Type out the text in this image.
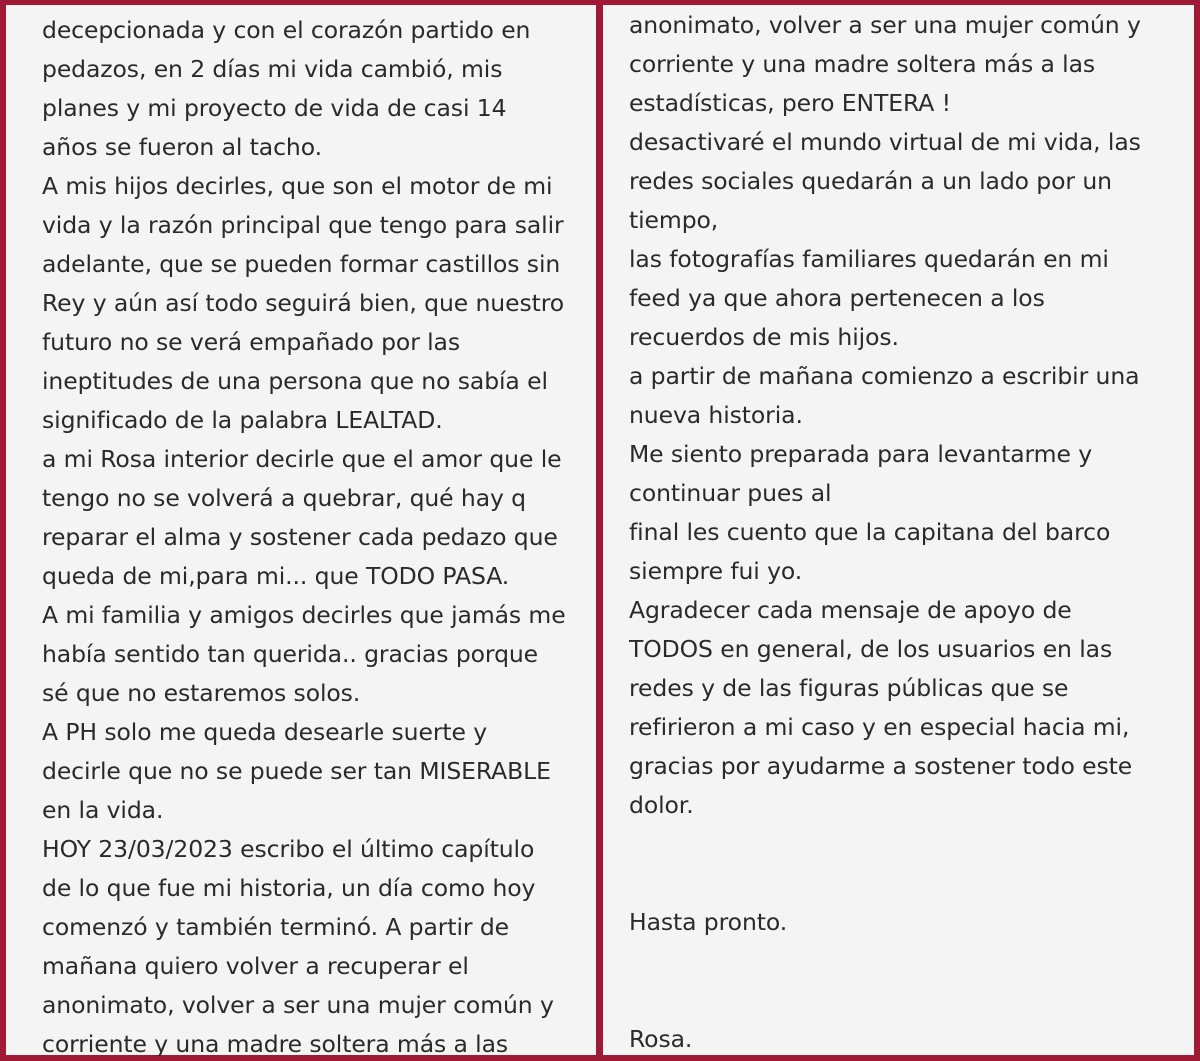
decepcionada y con el corazón partido en
pedazos, en 2 días mi vida cambió, mis
planes y mi proyecto de vida de casi 14
años se fueron al tacho.
A mis hijos decirles, que son el motor de mi
vida y la razón principal que tengo para salir
adelante, que se pueden formar castillos sin
Rey y aún así todo seguirá bien, que nuestro
futuro no se verá empañado por las
ineptitudes de una persona que no sabía el
significado de la palabra LEALTAD.
a mi Rosa interior decirle que el amor que le
tengo no se volverá a quebrar, qué hay q
reparar el alma y sostener cada pedazo que
queda de mi,para mi... que TODO PASA.
A mi familia y amigos decirles que jamás me
había sentido tan querida.. gracias porque
sé que no estaremos solos.
A PH solo me queda desearle suerte y
decirle que no se puede ser tan MISERABLE
en la vida.
HOY 23/03/2023 escribo el último capítulo
de lo que fue mi historia, un día como hoy
comenzó y también terminó. A partir de
mañana quiero volver a recuperar el
anonimato, volver a ser una mujer común y
corriente y una madre soltera más a las
anonimato, volver a ser una mujer común y
corriente y una madre soltera más a las
estadísticas, pero ENTERA !
desactivaré el mundo virtual de mi vida, las
redes sociales quedarán a un lado por un
tiempo,
las fotografías familiares quedarán en mi
feed ya que ahora pertenecen a los
recuerdos de mis hijos.
a partir de mañana comienzo a escribir una
nueva historia.
Me siento preparada para levantarme y
continuar pues al
final les cuento que la capitana del barco
siempre fui yo.
Agradecer cada mensaje de apoyo de
TODOS en general, de los usuarios en las
redes y de las figuras públicas que se
refirieron a mi caso y en especial hacia mi,
gracias por ayudarme a sostener todo este
dolor.
Hasta pronto.
Rosa.
